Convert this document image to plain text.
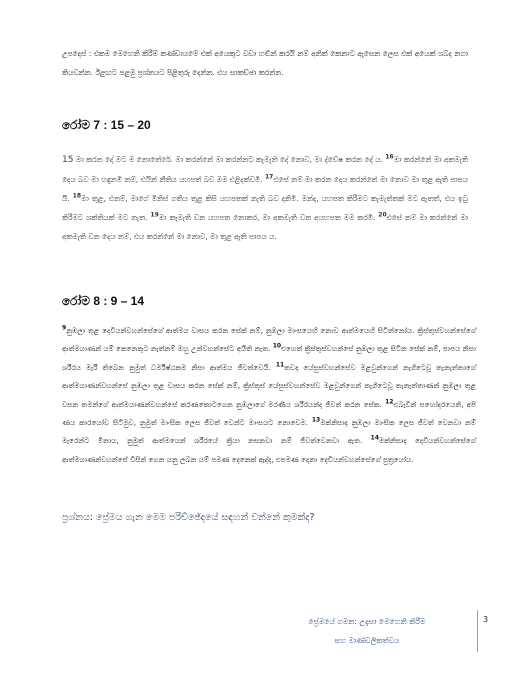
උපදෙස් : එකම මෙහෙනි කිරීම් කණ්ඩායමේ එක් අයෙකුට වඩා හඬින් කරයි නම් අනික් කෙනාට ඇසෙන ලෙස එක් අයෙක් ශබ්ද නගා කියවන්න. ඊළඟට පළමු ප්‍රශ්නයට පිළිතුරු දෙන්න. එය සාකච්ඡා කරන්න.

රෝම 7 : 15 – 20

15 මා කරන දේ මට ම නොතේරේ. මා කරන්නේ මා කරන්නට කැමැති දේ නොව, මා ද්වේෂ කරන දේ ය. $^{16}$මා කරන්නේ මා අකමැති දෙය බව මා හඳුනමි නම්, එයින් නීතිය යහපත් බව මම එළිදක්වමි. $^{17}$එසේ නම් මා කරන දෙය කරන්නේ මා නොව මා තුළ ඇති පාපය යි. $^{18}$මා තුළ, එනම්, මාගේ මිනිස් ගතිය තුළ කිසි යහපතක් නැති බව දනිමි. මන්ද, යහපත කිරීමට කැමැත්තක් මට ඇතත්, එය ඉටු කිරීමට ශක්තියක් මට නැත. $^{19}$මා කැමැති වන යහපත නොකර, මා අකමැති වන අයහපත මම කරමි. $^{20}$එසේ නම් මා කරන්නේ මා අකමැති වන දෙය නම්, එය කරන්නේ මා නොව, මා තුළ ඇති පාපය ය.

රෝම 8 : 9 – 14

$^9$නුඹලා තුළ දෙවියන්වහන්සේගේ ආත්මය වාසය කරන සේක් නම්, නුඹලා මාංසයෙහි නොව ආත්මයෙහි සිටින්නෝය. ක්‍රිස්තුස්වහන්සේගේ ආත්මයාණන් යම් කෙනෙකුට නැත්නම් ඔහු උන්වහන්සේට අයිති නැත. $^{10}$එහෙත් ක්‍රිස්තුස්වහන්සේ නුඹලා තුළ සිටින සේක් නම්, පාපය නිසා ශරීරය මැරී තිබෙන නුමුත් ධර්මිෂ්ඨකම නිසා ආත්මය ජීවත්වෙයි. $^{11}$තවද යේසුස්වහන්සේව මළවුන්ගෙන් නැගිටෙවූ තැනැත්තාගේ ආත්මයාණන්වහන්සේ නුඹලා තුළ වාසය කරන සේක් නම්, ක්‍රිස්තුස් යේසුස්වහන්සේව මළවුන්ගෙන් නැගිටෙවූ තැනැත්තාණන් නුඹලා තුළ වසන තමන්ගේ ආත්මයාණන්වහන්සේ කරණකොටගෙන නුඹලාගේ මරණීය ශරීරයන්ද ජීවත් කරන සේක. $^{12}$එබැවින් සහෝදරයෙනි, අපි ණය කාරයෝව සිටිමුව, නුමුත් මාංසික ලෙස ජීවත් වෙන්ට මාංසයට නොවෙම. $^{13}$මක්නිසාද නුඹලා මාංසික ලෙස ජීවත් වෙනවා නම් මැරෙන්ට මිනාය, නුමුත් ආත්මයෙන් ශරීරයේ ක්‍රියා නසනවා නම් ජීවත්වෙනවා ඇත. $^{14}$මක්නිසාද දෙවියන්වහන්සේගේ ආත්මයාණන්වහන්සේ විසින් ගෙන යනු ලබන යම් පමණ දෙනෙක් ඇද්ද, එපමණ දෙනා දෙවියන්වහන්සේගේ පුත්‍රයෝය.

ප්‍රශ්නය: ප්‍රේමය ගැන මෙම පරිච්ඡේදයේ සඳහන් වන්නේ කුමක්ද?

ප්‍රේමයේ ගමන: උදැසා මෙහෙනි කිරීම

සහ මාණ්ඩලිකත්වය

3
